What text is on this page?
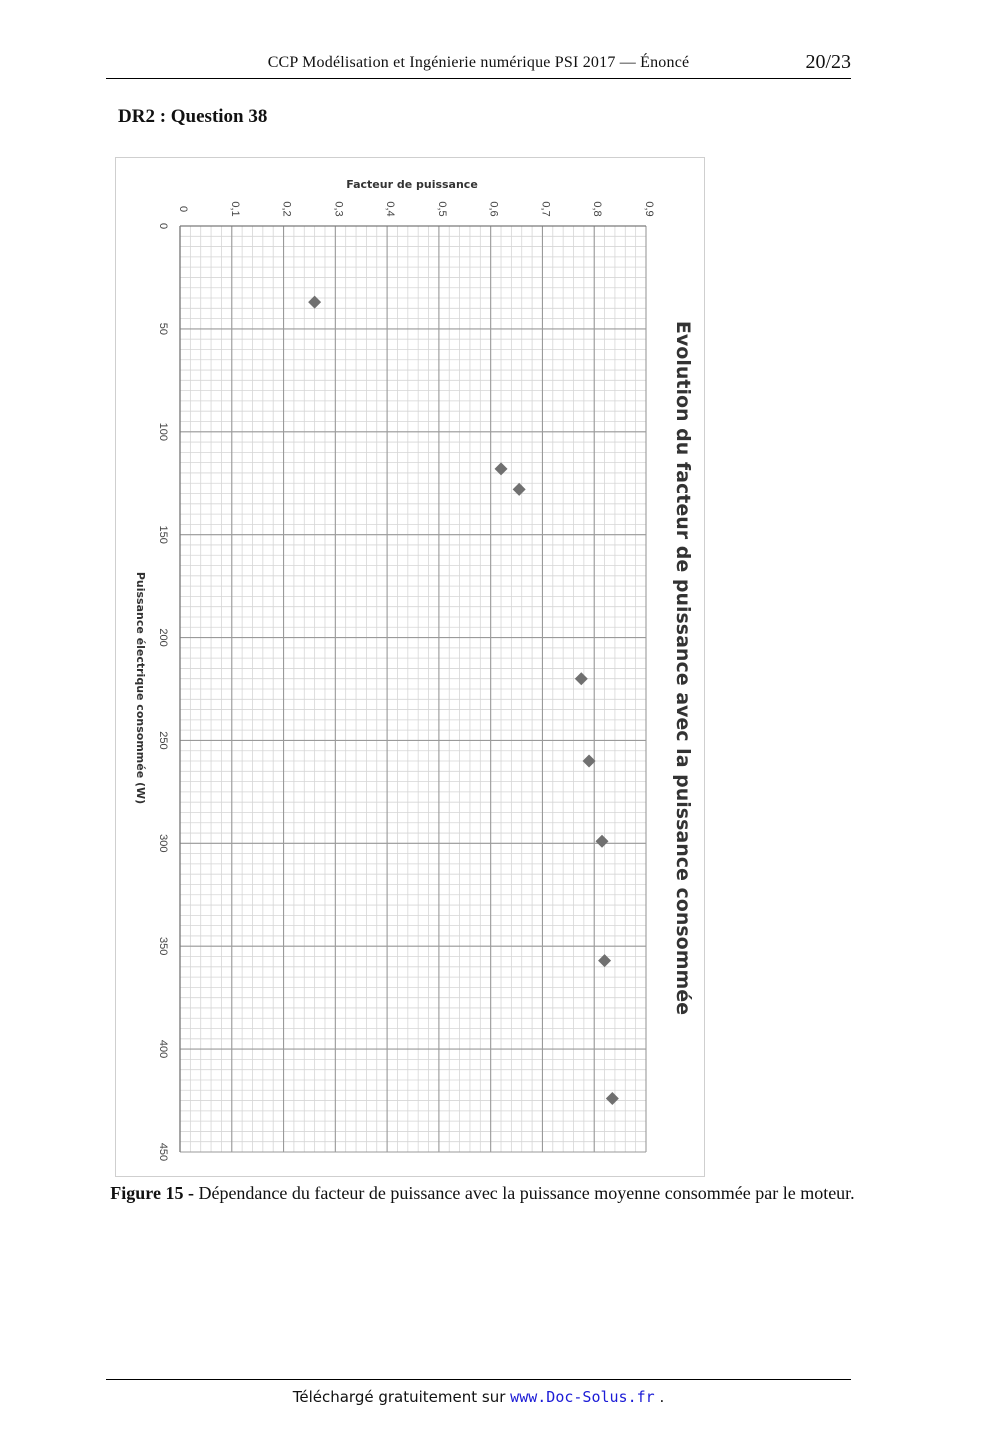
CCP Modélisation et Ingénierie numérique PSI 2017 — Énoncé	20/23
DR2 : Question 38
0	0,1	0,2	0,3	0,4	0,5	0,6	0,7	0,8	0,9
0
50
100
150
200
250
300
350
400
450
Facteur de puissance
Puissance électrique consommée (W)	Evolution du facteur de puissance avec la puissance consommée
Figure 15 - Dépendance du facteur de puissance avec la puissance moyenne consommée par le moteur.
Téléchargé gratuitement sur www.Doc-Solus.fr .
